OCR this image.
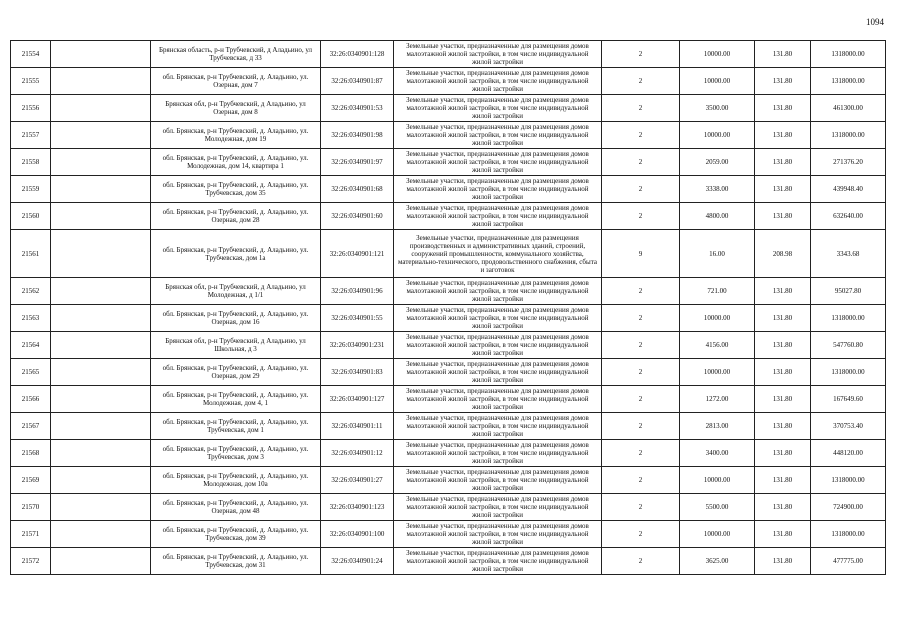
1094
21554		Брянская область, р-н Трубчевский, д Аладьино, ул Трубчевская, д 33	32:26:0340901:128	Земельные участки, предназначенные для размещения домов малоэтажной жилой застройки, в том числе индивидуальной жилой застройки	2	10000.00	131.80	1318000.00
21555		обл. Брянская, р-н Трубчевский, д. Аладьино, ул. Озерная, дом 7	32:26:0340901:87	Земельные участки, предназначенные для размещения домов малоэтажной жилой застройки, в том числе индивидуальной жилой застройки	2	10000.00	131.80	1318000.00
21556		Брянская обл, р-н Трубчевский, д Аладьино, ул Озерная, дом 8	32:26:0340901:53	Земельные участки, предназначенные для размещения домов малоэтажной жилой застройки, в том числе индивидуальной жилой застройки	2	3500.00	131.80	461300.00
21557		обл. Брянская, р-н Трубчевский, д. Аладьино, ул. Молодежная, дом 19	32:26:0340901:98	Земельные участки, предназначенные для размещения домов малоэтажной жилой застройки, в том числе индивидуальной жилой застройки	2	10000.00	131.80	1318000.00
21558		обл. Брянская, р-н Трубчевский, д. Аладьино, ул. Молодежная, дом 14, квартира 1	32:26:0340901:97	Земельные участки, предназначенные для размещения домов малоэтажной жилой застройки, в том числе индивидуальной жилой застройки	2	2059.00	131.80	271376.20
21559		обл. Брянская, р-н Трубчевский, д. Аладьино, ул. Трубчевская, дом 35	32:26:0340901:68	Земельные участки, предназначенные для размещения домов малоэтажной жилой застройки, в том числе индивидуальной жилой застройки	2	3338.00	131.80	439948.40
21560		обл. Брянская, р-н Трубчевский, д. Аладьино, ул. Озерная, дом 28	32:26:0340901:60	Земельные участки, предназначенные для размещения домов малоэтажной жилой застройки, в том числе индивидуальной жилой застройки	2	4800.00	131.80	632640.00
21561		обл. Брянская, р-н Трубчевский, д. Аладьино, ул. Трубчевская, дом 1а	32:26:0340901:121	Земельные участки, предназначенные для размещения производственных и административных зданий, строений, сооружений промышленности, коммунального хозяйства, материально-технического, продовольственного снабжения, сбыта и заготовок	9	16.00	208.98	3343.68
21562		Брянская обл, р-н Трубчевский, д Аладьино, ул Молодежная, д 1/1	32:26:0340901:96	Земельные участки, предназначенные для размещения домов малоэтажной жилой застройки, в том числе индивидуальной жилой застройки	2	721.00	131.80	95027.80
21563		обл. Брянская, р-н Трубчевский, д. Аладьино, ул. Озерная, дом 16	32:26:0340901:55	Земельные участки, предназначенные для размещения домов малоэтажной жилой застройки, в том числе индивидуальной жилой застройки	2	10000.00	131.80	1318000.00
21564		Брянская обл, р-н Трубчевский, д Аладьино, ул Школьная, д 3	32:26:0340901:231	Земельные участки, предназначенные для размещения домов малоэтажной жилой застройки, в том числе индивидуальной жилой застройки	2	4156.00	131.80	547760.80
21565		обл. Брянская, р-н Трубчевский, д. Аладьино, ул. Озерная, дом 29	32:26:0340901:83	Земельные участки, предназначенные для размещения домов малоэтажной жилой застройки, в том числе индивидуальной жилой застройки	2	10000.00	131.80	1318000.00
21566		обл. Брянская, р-н Трубчевский, д. Аладьино, ул. Молодежная, дом 4, 1	32:26:0340901:127	Земельные участки, предназначенные для размещения домов малоэтажной жилой застройки, в том числе индивидуальной жилой застройки	2	1272.00	131.80	167649.60
21567		обл. Брянская, р-н Трубчевский, д. Аладьино, ул. Трубчевская, дом 1	32:26:0340901:11	Земельные участки, предназначенные для размещения домов малоэтажной жилой застройки, в том числе индивидуальной жилой застройки	2	2813.00	131.80	370753.40
21568		обл. Брянская, р-н Трубчевский, д. Аладьино, ул. Трубчевская, дом 3	32:26:0340901:12	Земельные участки, предназначенные для размещения домов малоэтажной жилой застройки, в том числе индивидуальной жилой застройки	2	3400.00	131.80	448120.00
21569		обл. Брянская, р-н Трубчевский, д. Аладьино, ул. Молодежная, дом 10а	32:26:0340901:27	Земельные участки, предназначенные для размещения домов малоэтажной жилой застройки, в том числе индивидуальной жилой застройки	2	10000.00	131.80	1318000.00
21570		обл. Брянская, р-н Трубчевский, д. Аладьино, ул. Озерная, дом 48	32:26:0340901:123	Земельные участки, предназначенные для размещения домов малоэтажной жилой застройки, в том числе индивидуальной жилой застройки	2	5500.00	131.80	724900.00
21571		обл. Брянская, р-н Трубчевский, д. Аладьино, ул. Трубчевская, дом 39	32:26:0340901:100	Земельные участки, предназначенные для размещения домов малоэтажной жилой застройки, в том числе индивидуальной жилой застройки	2	10000.00	131.80	1318000.00
21572		обл. Брянская, р-н Трубчевский, д. Аладьино, ул. Трубчевская, дом 31	32:26:0340901:24	Земельные участки, предназначенные для размещения домов малоэтажной жилой застройки, в том числе индивидуальной жилой застройки	2	3625.00	131.80	477775.00
